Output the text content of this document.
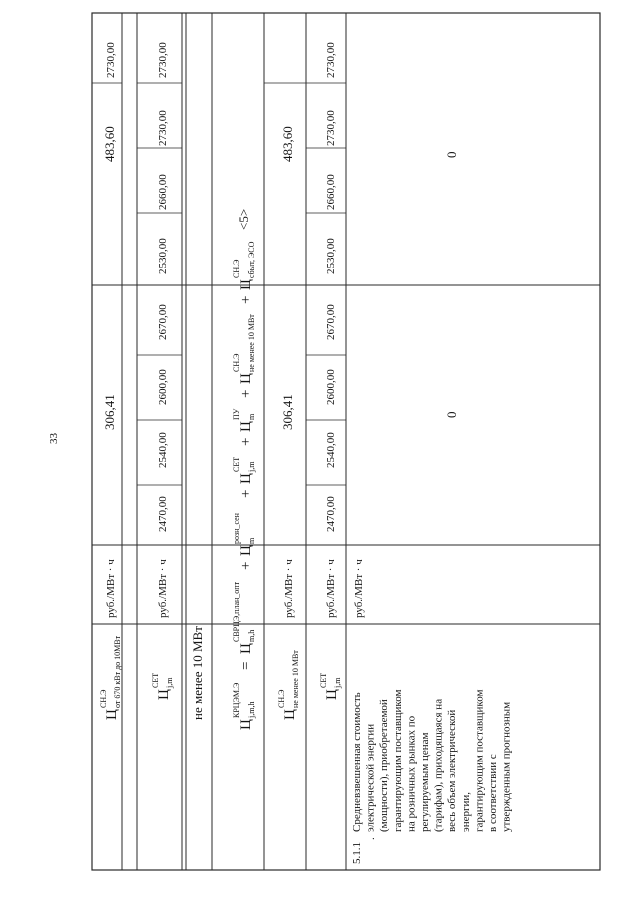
33
Ц
СН.Э от 670 кВт до 10МВт
руб./МВт · ч
306,41
483,60
2730,00
Ц
СЕТ j,m
руб./МВт · ч
2470,00
2540,00
2600,00
2670,00
2530,00
2660,00
2730,00
2730,00
не менее 10 МВт
Ц
КРЦЭМ.Э j,m,h
=
Ц
СВРЦЭ,план_опт m,h
+
Ц
розн_сен m
+
Ц
СЕТ j,m
+
Ц
ПУ m
+
Ц
СН.Э не менее 10 МВт
+
Ц
СН.Э сбыт, ЭСО
<5>
Ц
СН.Э не менее 10 МВт
руб./МВт · ч
306,41
483,60
Ц
СЕТ j,m
руб./МВт · ч
2470,00
2540,00
2600,00
2670,00
2530,00
2660,00
2730,00
2730,00
5.1.1
.
Средневзвешенная стоимость электрической энергии (мощности), приобретаемой гарантирующим поставщиком на розничных рынках по регулируемым ценам (тарифам), приходящаяся на весь объем электрической энергии, гарантирующим поставщиком в соответствии с утвержденным прогнозным
руб./МВт · ч
0
0
